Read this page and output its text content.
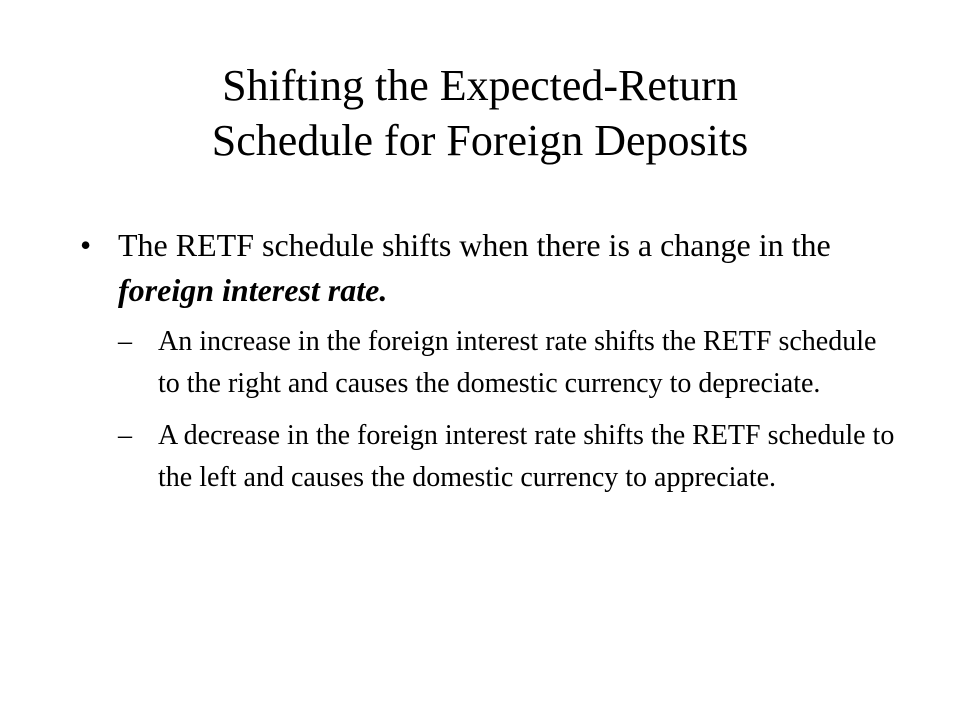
Shifting the Expected-Return
Schedule for Foreign Deposits
• The RETF schedule shifts when there is a change in the foreign interest rate.
– An increase in the foreign interest rate shifts the RETF schedule to the right and causes the domestic currency to depreciate.
– A decrease in the foreign interest rate shifts the RETF schedule to the left and causes the domestic currency to appreciate.
